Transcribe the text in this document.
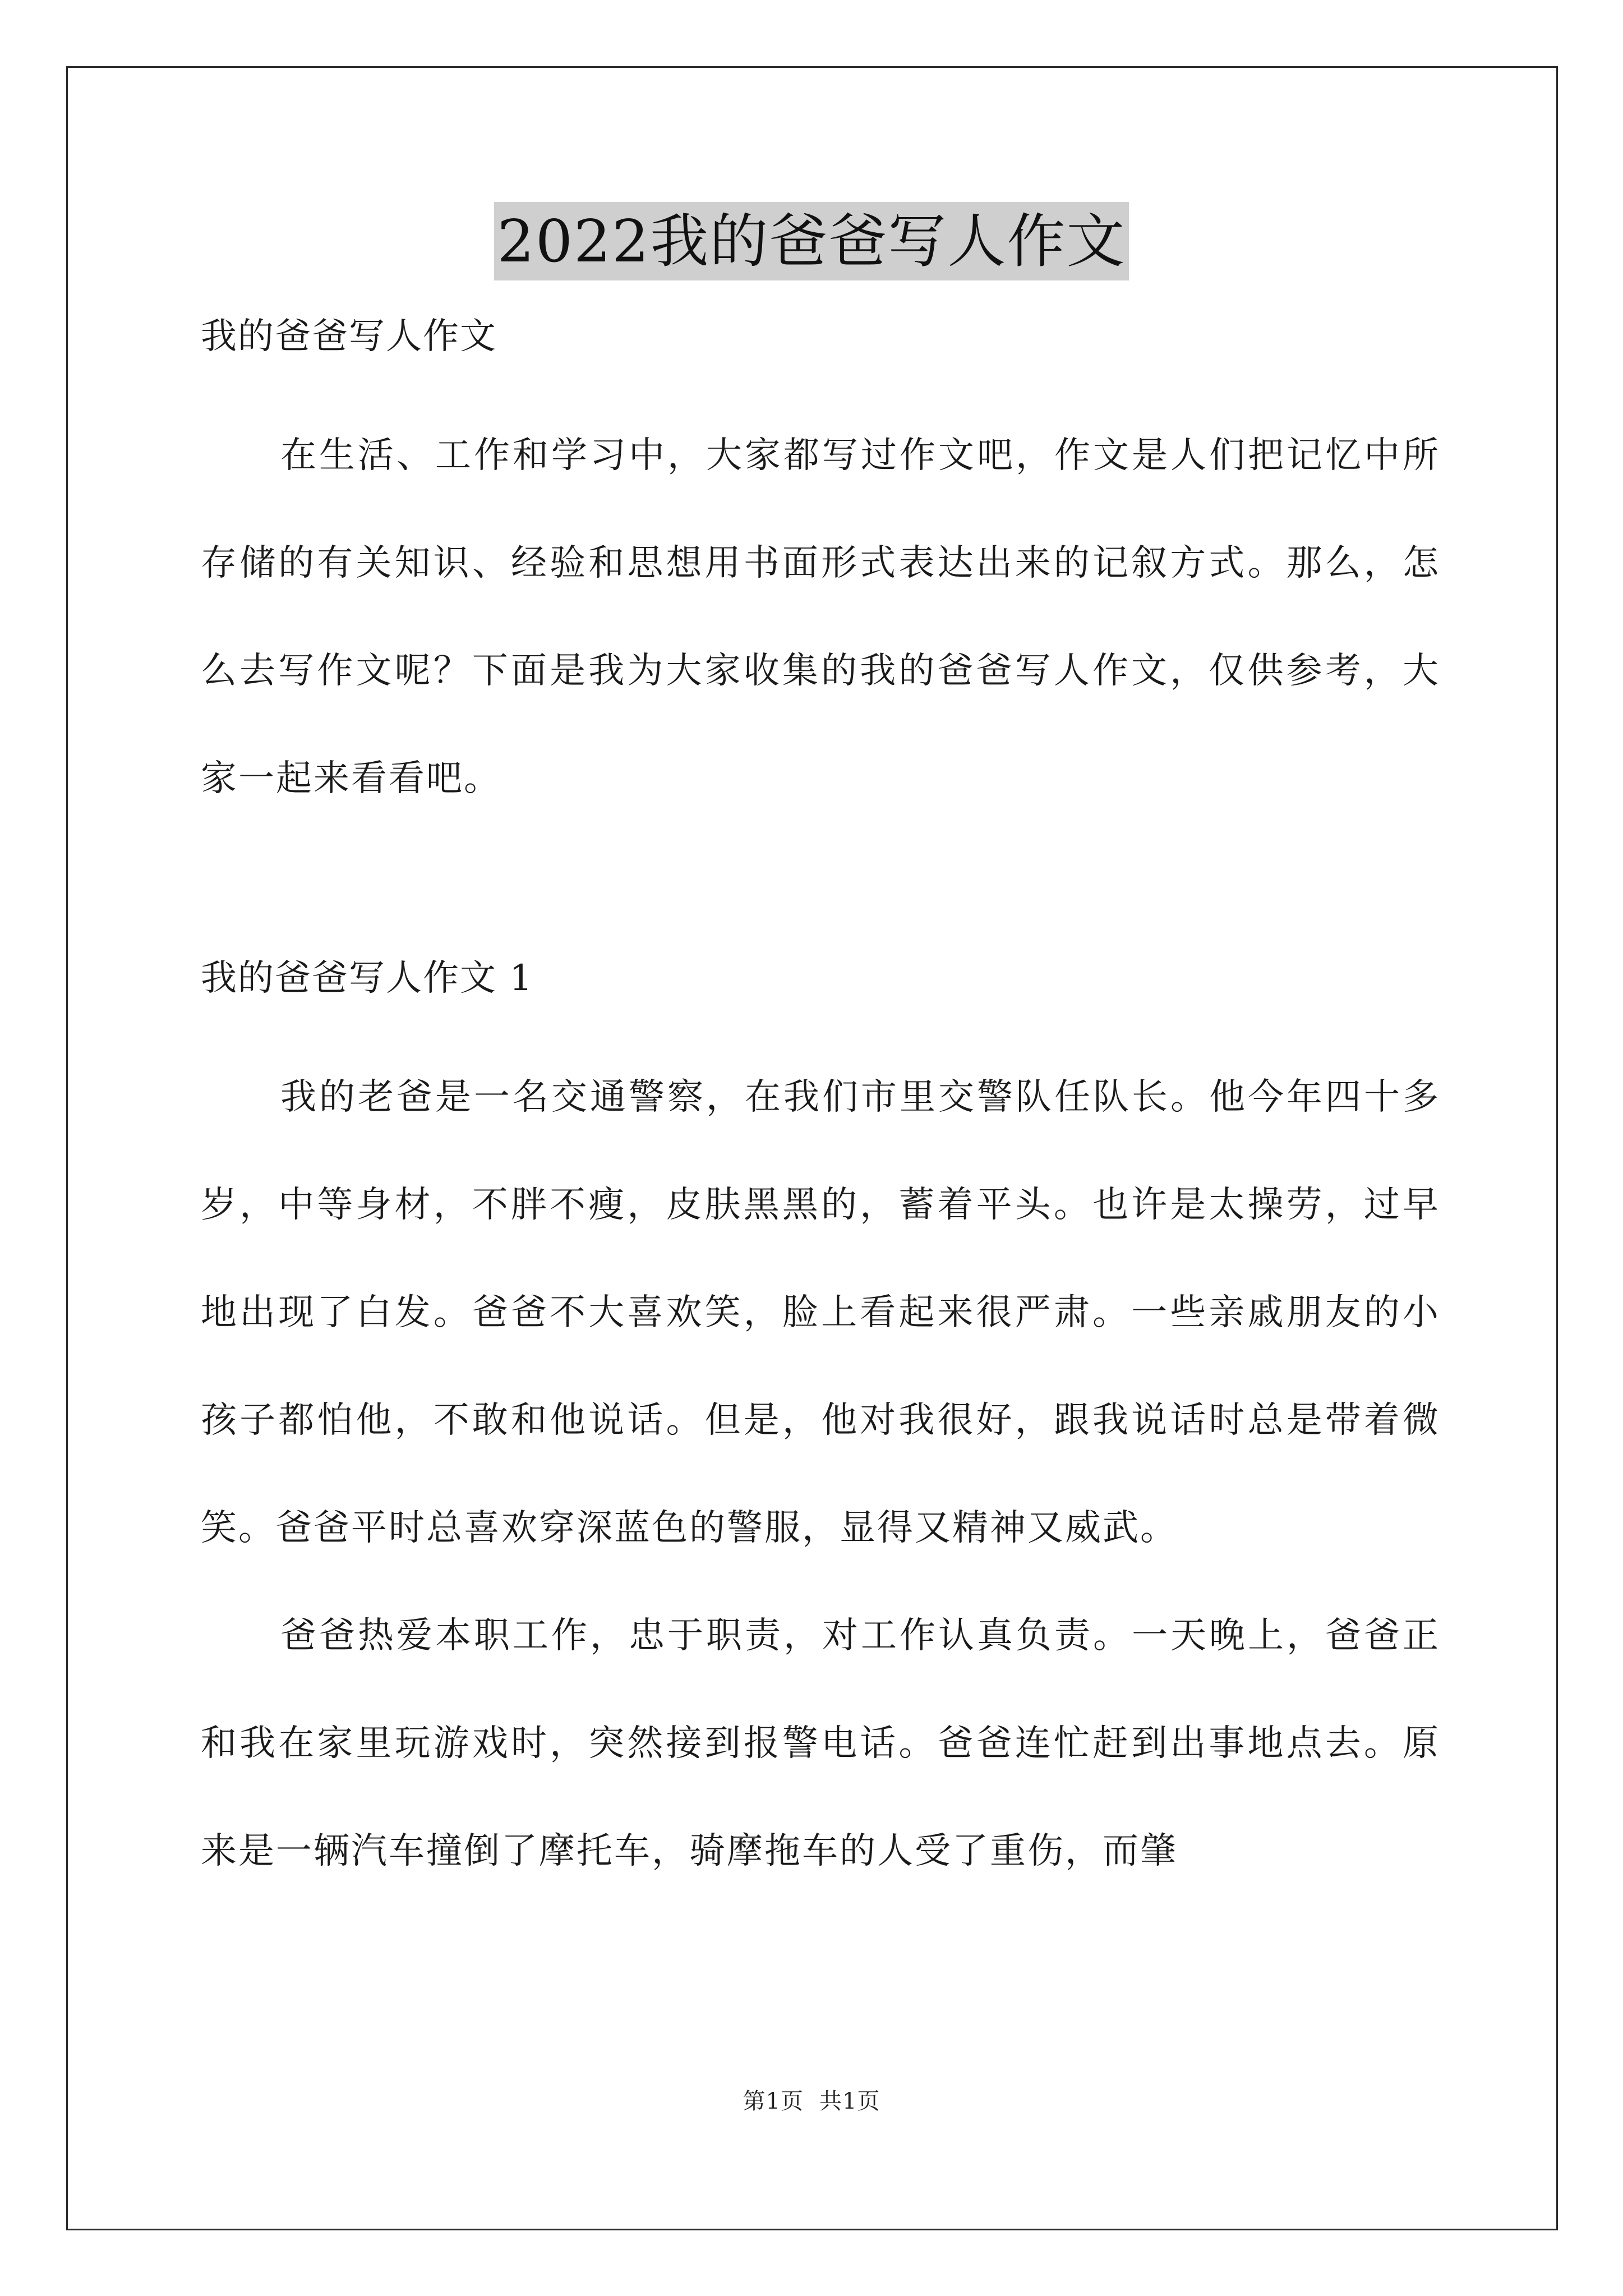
2022我的爸爸写人作文

我的爸爸写人作文

在生活、工作和学习中，大家都写过作文吧，作文是人们把记忆中所存储的有关知识、经验和思想用书面形式表达出来的记叙方式。那么，怎么去写作文呢？下面是我为大家收集的我的爸爸写人作文，仅供参考，大家一起来看看吧。

我的爸爸写人作文 1

我的老爸是一名交通警察，在我们市里交警队任队长。他今年四十多岁，中等身材，不胖不瘦，皮肤黑黑的，蓄着平头。也许是太操劳，过早地出现了白发。爸爸不大喜欢笑，脸上看起来很严肃。一些亲戚朋友的小孩子都怕他，不敢和他说话。但是，他对我很好，跟我说话时总是带着微笑。爸爸平时总喜欢穿深蓝色的警服，显得又精神又威武。

爸爸热爱本职工作，忠于职责，对工作认真负责。一天晚上，爸爸正和我在家里玩游戏时，突然接到报警电话。爸爸连忙赶到出事地点去。原来是一辆汽车撞倒了摩托车，骑摩拖车的人受了重伤，而肇

第1页 共1页
